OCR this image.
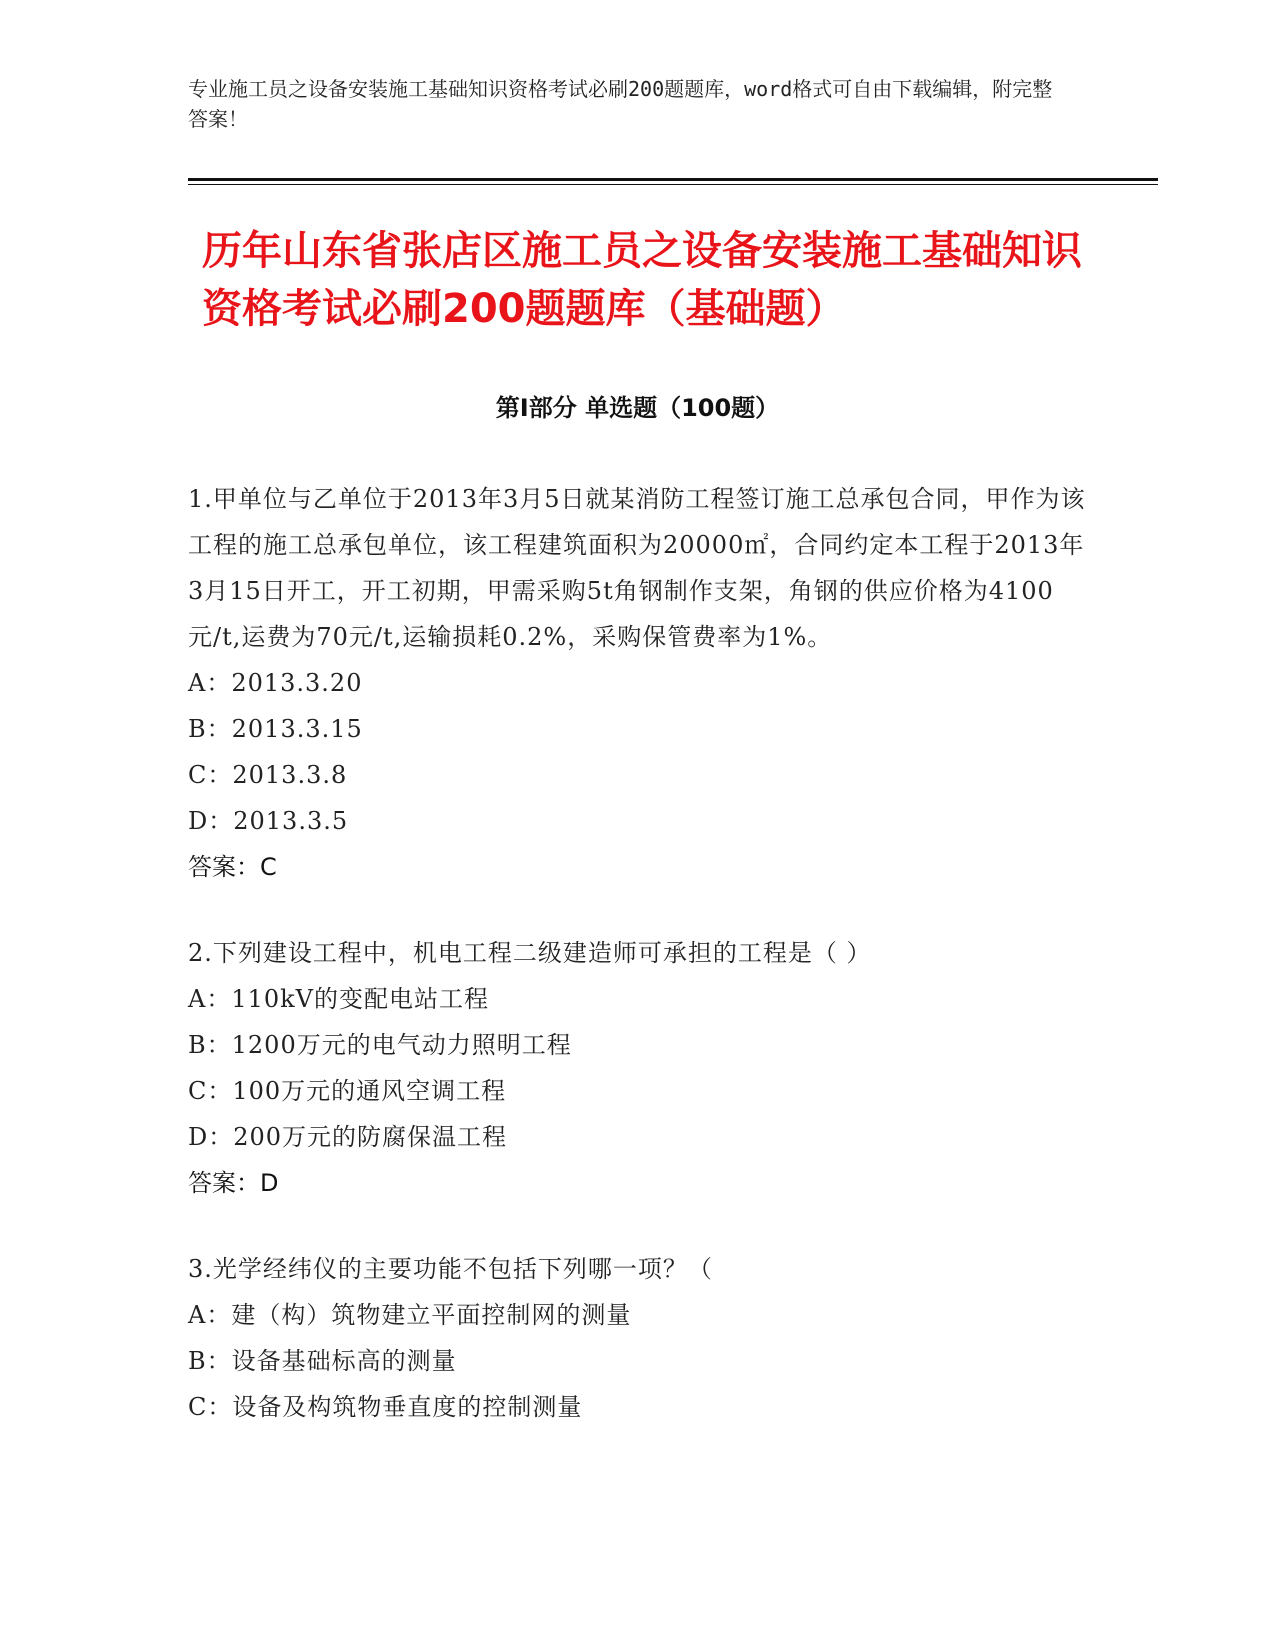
专业施工员之设备安装施工基础知识资格考试必刷200题题库，word格式可自由下载编辑，附完整答案！
历年山东省张店区施工员之设备安装施工基础知识资格考试必刷200题题库（基础题）
第Ⅰ部分 单选题（100题）
1.甲单位与乙单位于2013年3月5日就某消防工程签订施工总承包合同，甲作为该工程的施工总承包单位，该工程建筑面积为20000㎡，合同约定本工程于2013年3月15日开工，开工初期，甲需采购5t角钢制作支架，角钢的供应价格为4100元/t,运费为70元/t,运输损耗0.2%，采购保管费率为1%。
A：2013.3.20
B：2013.3.15
C：2013.3.8
D：2013.3.5
答案：C
2.下列建设工程中，机电工程二级建造师可承担的工程是（ ）
A：110kV的变配电站工程
B：1200万元的电气动力照明工程
C：100万元的通风空调工程
D：200万元的防腐保温工程
答案：D
3.光学经纬仪的主要功能不包括下列哪一项？（
A：建（构）筑物建立平面控制网的测量
B：设备基础标高的测量
C：设备及构筑物垂直度的控制测量
